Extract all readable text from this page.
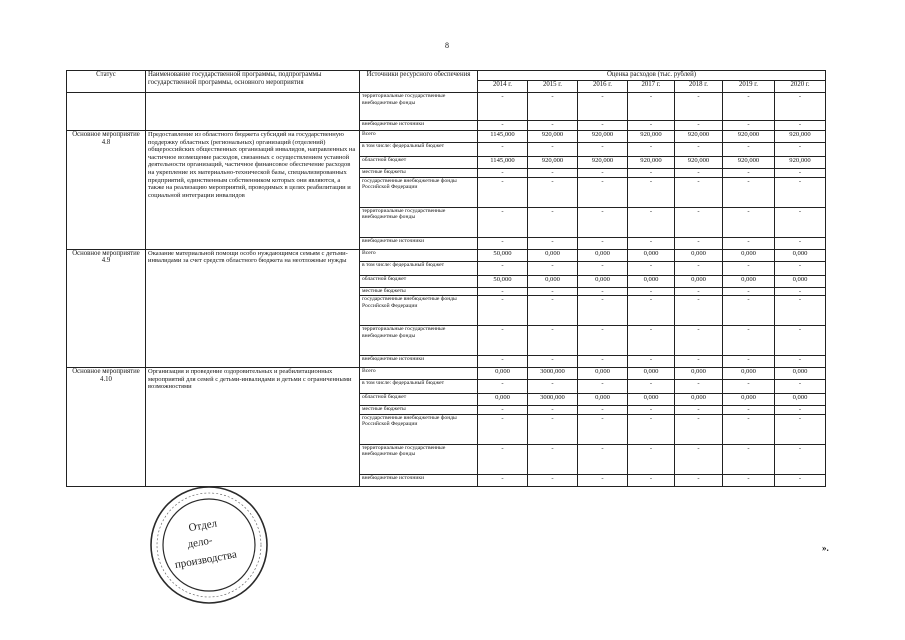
8
Статус	Наименование государственной программы, подпрограммы государственной программы, основного мероприятия	Источники ресурсного обеспечения	Оценка расходов (тыс. рублей)						
			2014 г.	2015 г.	2016 г.	2017 г.	2018 г.	2019 г.	2020 г.
		территориальные государственные внебюджетные фонды	-	-	-	-	-	-	-
		внебюджетные источники	-	-	-	-	-	-	-
Основное мероприятие 4.8	Предоставление из областного бюджета субсидий на государственную поддержку областных (региональных) организаций (отделений) общероссийских общественных организаций инвалидов, направленных на частичное возмещение расходов, связанных с осуществлением уставной деятельности организаций, частичное финансовое обеспечение расходов на укрепление их материально-технической базы, специализированных предприятий, единственным собственником которых они являются, а также на реализацию мероприятий, проводимых в целях реабилитации и социальной интеграции инвалидов	Всего	1145,000	920,000	920,000	920,000	920,000	920,000	920,000
		в том числе: федеральный бюджет	-	-	-	-	-	-	-
		областной бюджет	1145,000	920,000	920,000	920,000	920,000	920,000	920,000
		местные бюджеты	-	-	-	-	-	-	-
		государственные внебюджетные фонды Российской Федерации	-	-	-	-	-	-	-
		территориальные государственные внебюджетные фонды	-	-	-	-	-	-	-
		внебюджетные источники	-	-	-	-	-	-	-
Основное мероприятие 4.9	Оказание материальной помощи особо нуждающимся семьям с детьми-инвалидами за счет средств областного бюджета на неотложные нужды	Всего	50,000	0,000	0,000	0,000	0,000	0,000	0,000
		в том числе: федеральный бюджет	-	-	-	-	-	-	-
		областной бюджет	50,000	0,000	0,000	0,000	0,000	0,000	0,000
		местные бюджеты	-	-	-	-	-	-	-
		государственные внебюджетные фонды Российской Федерации	-	-	-	-	-	-	-
		территориальные государственные внебюджетные фонды	-	-	-	-	-	-	-
		внебюджетные источники	-	-	-	-	-	-	-
Основное мероприятие 4.10	Организация и проведение оздоровительных и реабилитационных мероприятий для семей с детьми-инвалидами и детьми с ограниченными возможностями	Всего	0,000	3000,000	0,000	0,000	0,000	0,000	0,000
		в том числе: федеральный бюджет	-	-	-	-	-	-	-
		областной бюджет	0,000	3000,000	0,000	0,000	0,000	0,000	0,000
		местные бюджеты	-	-	-	-	-	-	-
		государственные внебюджетные фонды Российской Федерации	-	-	-	-	-	-	-
		территориальные государственные внебюджетные фонды	-	-	-	-	-	-	-
		внебюджетные источники	-	-	-	-	-	-	-
».
Отдел
дело-
производства
